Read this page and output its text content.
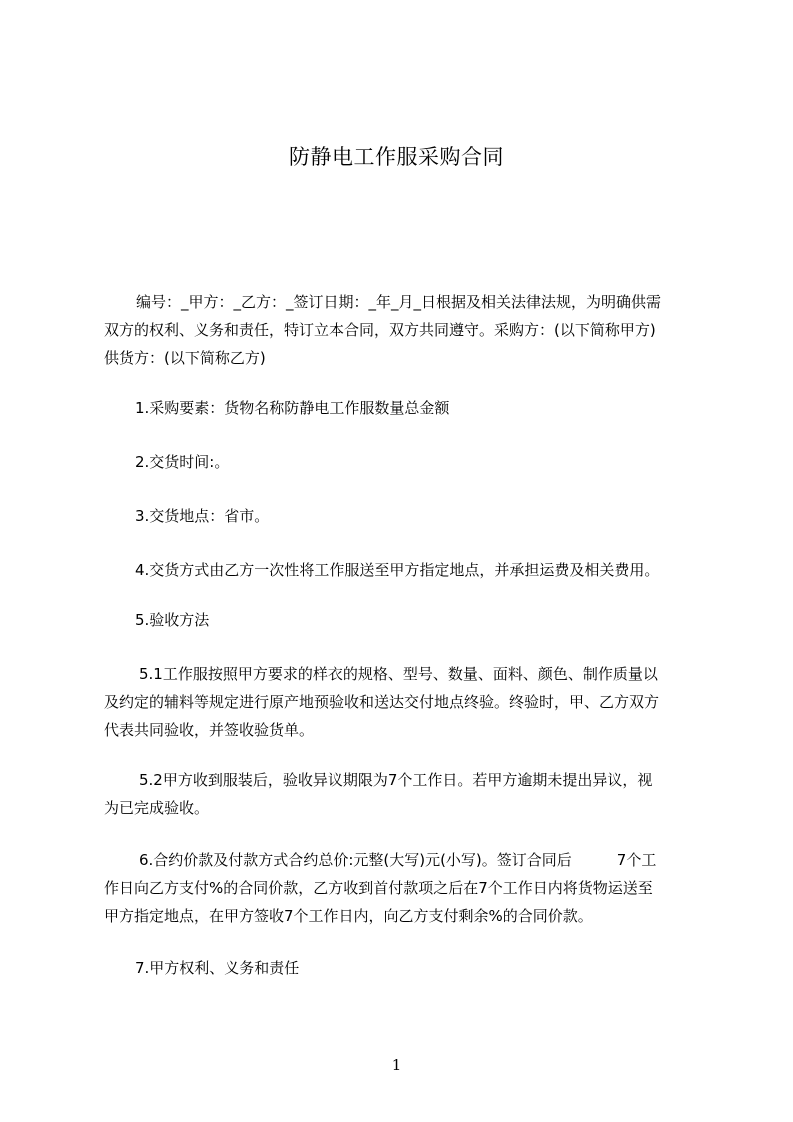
防静电工作服采购合同
编号：_甲方：_乙方：_签订日期：_年_月_日根据及相关法律法规，为明确供需
双方的权利、义务和责任，特订立本合同，双方共同遵守。采购方：(以下简称甲方)
供货方：(以下简称乙方)
1.采购要素：货物名称防静电工作服数量总金额
2.交货时间:。
3.交货地点：省市。
4.交货方式由乙方一次性将工作服送至甲方指定地点，并承担运费及相关费用。
5.验收方法
5.1工作服按照甲方要求的样衣的规格、型号、数量、面料、颜色、制作质量以
及约定的辅料等规定进行原产地预验收和送达交付地点终验。终验时，甲、乙方双方
代表共同验收，并签收验货单。
5.2甲方收到服装后，验收异议期限为7个工作日。若甲方逾期未提出异议，视
为已完成验收。
6.合约价款及付款方式合约总价:元整(大写)元(小写)。签订合同后　　　7个工
作日向乙方支付%的合同价款，乙方收到首付款项之后在7个工作日内将货物运送至
甲方指定地点，在甲方签收7个工作日内，向乙方支付剩余%的合同价款。
7.甲方权利、义务和责任
1
